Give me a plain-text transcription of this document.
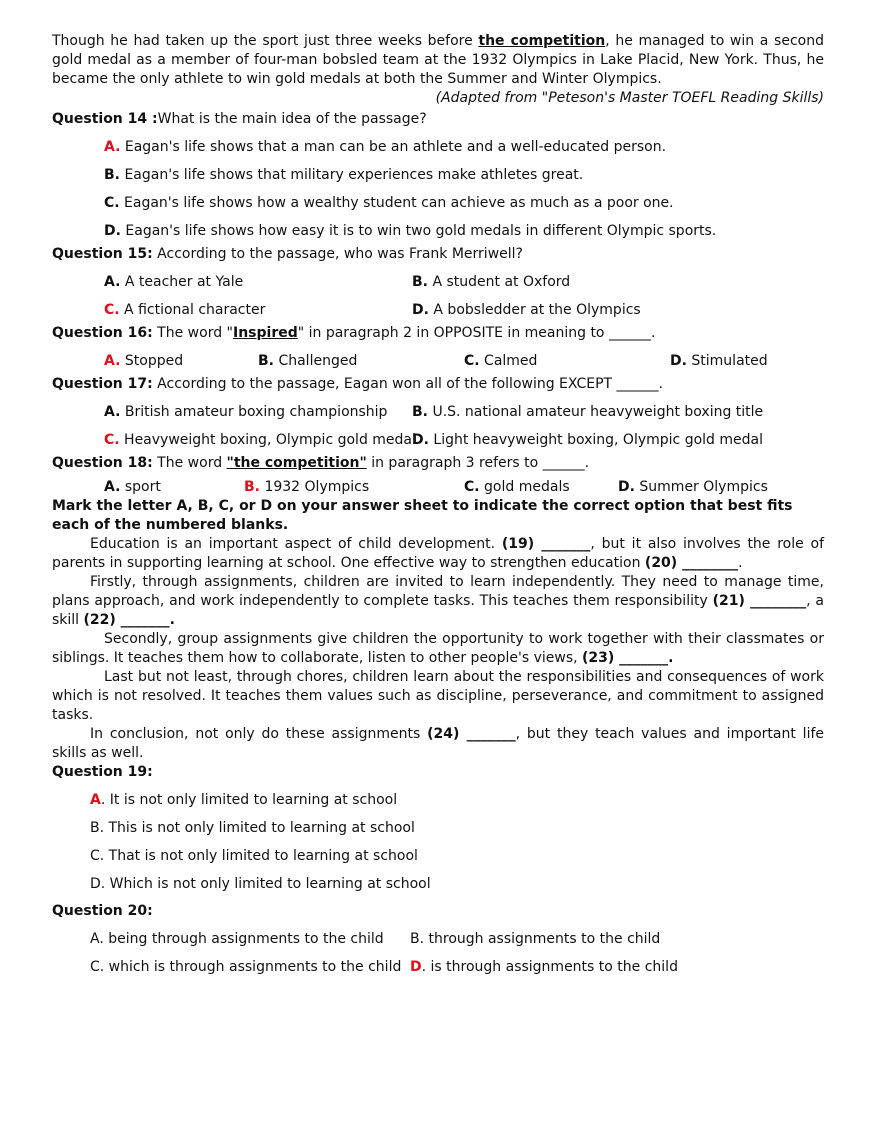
Though he had taken up the sport just three weeks before the competition, he managed to win a second gold medal as a member of four-man bobsled team at the 1932 Olympics in Lake Placid, New York. Thus, he became the only athlete to win gold medals at both the Summer and Winter Olympics.

(Adapted from "Peteson's Master TOEFL Reading Skills)

Question 14 :What is the main idea of the passage?

A. Eagan's life shows that a man can be an athlete and a well-educated person.
B. Eagan's life shows that military experiences make athletes great.
C. Eagan's life shows how a wealthy student can achieve as much as a poor one.
D. Eagan's life shows how easy it is to win two gold medals in different Olympic sports.

Question 15: According to the passage, who was Frank Merriwell?

A. A teacher at Yale	B. A student at Oxford
C. A fictional character	D. A bobsledder at the Olympics

Question 16: The word "Inspired" in paragraph 2 in OPPOSITE in meaning to ______.

A. Stopped	B. Challenged	C. Calmed	D. Stimulated

Question 17: According to the passage, Eagan won all of the following EXCEPT ______.

A. British amateur boxing championship B. U.S. national amateur heavyweight boxing title
C. Heavyweight boxing, Olympic gold medalD. Light heavyweight boxing, Olympic gold medal

Question 18: The word "the competition" in paragraph 3 refers to ______.

A. sport	B. 1932 Olympics	C. gold medals	D. Summer Olympics

Mark the letter A, B, C, or D on your answer sheet to indicate the correct option that best fits each of the numbered blanks.

Education is an important aspect of child development. (19) _______, but it also involves the role of parents in supporting learning at school. One effective way to strengthen education (20) ________.

Firstly, through assignments, children are invited to learn independently. They need to manage time, plans approach, and work independently to complete tasks. This teaches them responsibility (21) ________, a skill (22) _______.

Secondly, group assignments give children the opportunity to work together with their classmates or siblings. It teaches them how to collaborate, listen to other people's views, (23) _______.

Last but not least, through chores, children learn about the responsibilities and consequences of work which is not resolved. It teaches them values such as discipline, perseverance, and commitment to assigned tasks.

In conclusion, not only do these assignments (24) _______, but they teach values and important life skills as well.

Question 19:

A. It is not only limited to learning at school
B. This is not only limited to learning at school
C. That is not only limited to learning at school
D. Which is not only limited to learning at school

Question 20:

A. being through assignments to the child B. through assignments to the child
C. which is through assignments to the child D. is through assignments to the child
